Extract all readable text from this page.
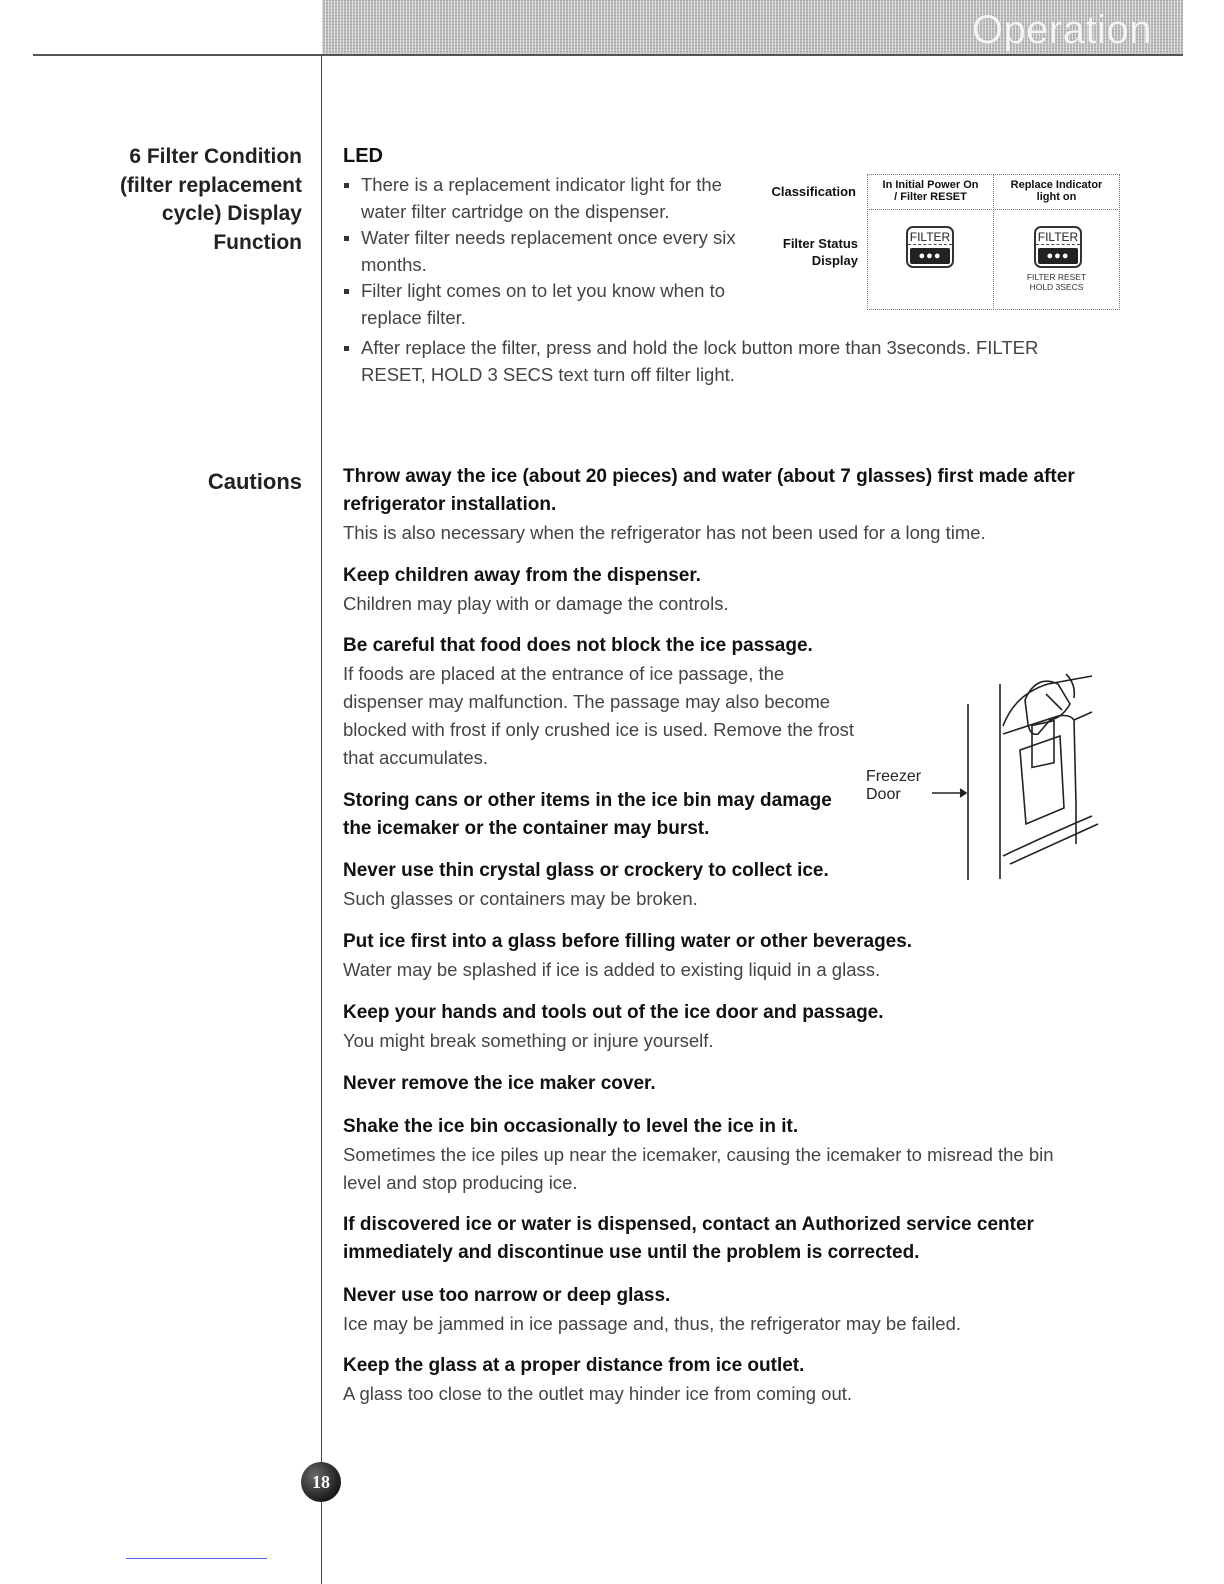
Operation
6 Filter Condition
(filter replacement
cycle) Display
Function
LED
There is a replacement indicator light for the water filter cartridge on the dispenser.
Water filter needs replacement once every six months.
Filter light comes on to let you know when to replace filter.
After replace the filter, press and hold the lock button more than 3seconds. FILTER RESET, HOLD 3 SECS text turn off filter light.
Classification
Filter Status
Display
In Initial Power On
/ Filter RESET
FILTER
●●●
Replace Indicator
light on
FILTER
●●●
FILTER RESET
HOLD 3SECS
Cautions Throw away the ice (about 20 pieces) and water (about 7 glasses) first made after refrigerator installation.
This is also necessary when the refrigerator has not been used for a long time.
Keep children away from the dispenser.
Children may play with or damage the controls.
Be careful that food does not block the ice passage.
If foods are placed at the entrance of ice passage, the dispenser may malfunction. The passage may also become blocked with frost if only crushed ice is used. Remove the frost that accumulates.
Storing cans or other items in the ice bin may damage the icemaker or the container may burst.
Never use thin crystal glass or crockery to collect ice.
Such glasses or containers may be broken.
Put ice first into a glass before filling water or other beverages.
Water may be splashed if ice is added to existing liquid in a glass.
Keep your hands and tools out of the ice door and passage.
You might break something or injure yourself.
Never remove the ice maker cover.
Shake the ice bin occasionally to level the ice in it.
Sometimes the ice piles up near the icemaker, causing the icemaker to misread the bin level and stop producing ice.
If discovered ice or water is dispensed, contact an Authorized service center immediately and discontinue use until the problem is corrected.
Never use too narrow or deep glass.
Ice may be jammed in ice passage and, thus, the refrigerator may be failed.
Keep the glass at a proper distance from ice outlet.
A glass too close to the outlet may hinder ice from coming out.
Freezer
Door
18
